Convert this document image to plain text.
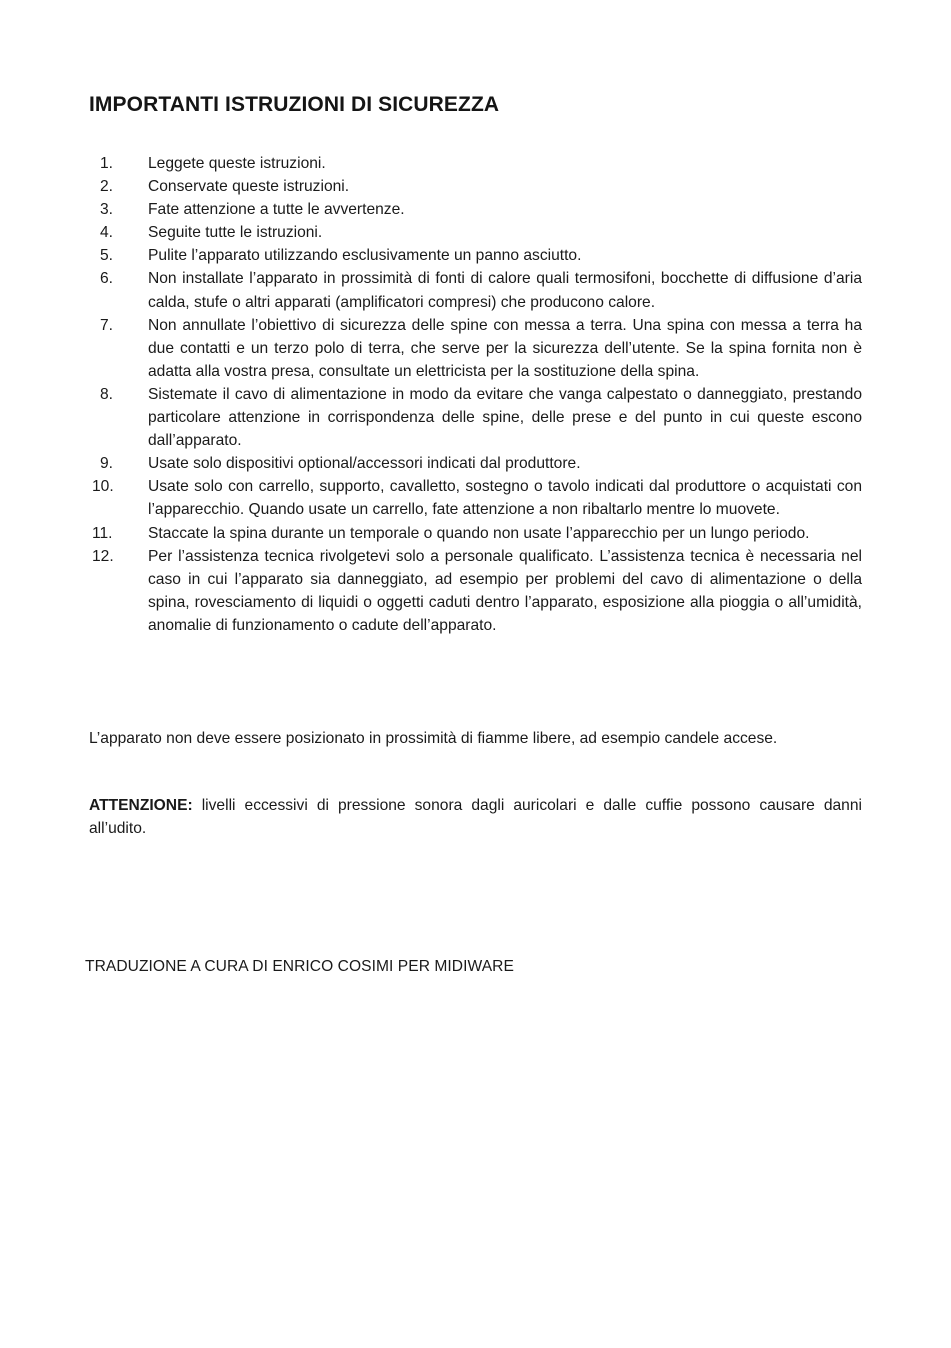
IMPORTANTI ISTRUZIONI DI SICUREZZA
1.	Leggete queste istruzioni.
2.	Conservate queste istruzioni.
3.	Fate attenzione a tutte le avvertenze.
4.	Seguite tutte le istruzioni.
5.	Pulite l’apparato utilizzando esclusivamente un panno asciutto.
6.	Non installate l’apparato in prossimità di fonti di calore quali termosifoni, bocchette di diffusione d’aria calda, stufe o altri apparati (amplificatori compresi) che producono calore.
7.	Non annullate l’obiettivo di sicurezza delle spine con messa a terra. Una spina con messa a terra ha due contatti e un terzo polo di terra, che serve per la sicurezza dell’utente. Se la spina fornita non è adatta alla vostra presa, consultate un elettricista per la sostituzione della spina.
8.	Sistemate il cavo di alimentazione in modo da evitare che vanga calpestato o danneggiato, prestando particolare attenzione in corrispondenza delle spine, delle prese e del punto in cui queste escono dall’apparato.
9.	Usate solo dispositivi optional/accessori indicati dal produttore.
10.	Usate solo con carrello, supporto, cavalletto, sostegno o tavolo indicati dal produttore o acquistati con l’apparecchio. Quando usate un carrello, fate attenzione a non ribaltarlo mentre lo muovete.
11.	Staccate la spina durante un temporale o quando non usate l’apparecchio per un lungo periodo.
12.	Per l’assistenza tecnica rivolgetevi solo a personale qualificato. L’assistenza tecnica è necessaria nel caso in cui l’apparato sia danneggiato, ad esempio per problemi del cavo di alimentazione o della spina, rovesciamento di liquidi o oggetti caduti dentro l’apparato, esposizione alla pioggia o all’umidità, anomalie di funzionamento o cadute dell’apparato.

L’apparato non deve essere posizionato in prossimità di fiamme libere, ad esempio candele accese.

ATTENZIONE: livelli eccessivi di pressione sonora dagli auricolari e dalle cuffie possono causare danni all’udito.

TRADUZIONE A CURA DI ENRICO COSIMI PER MIDIWARE
